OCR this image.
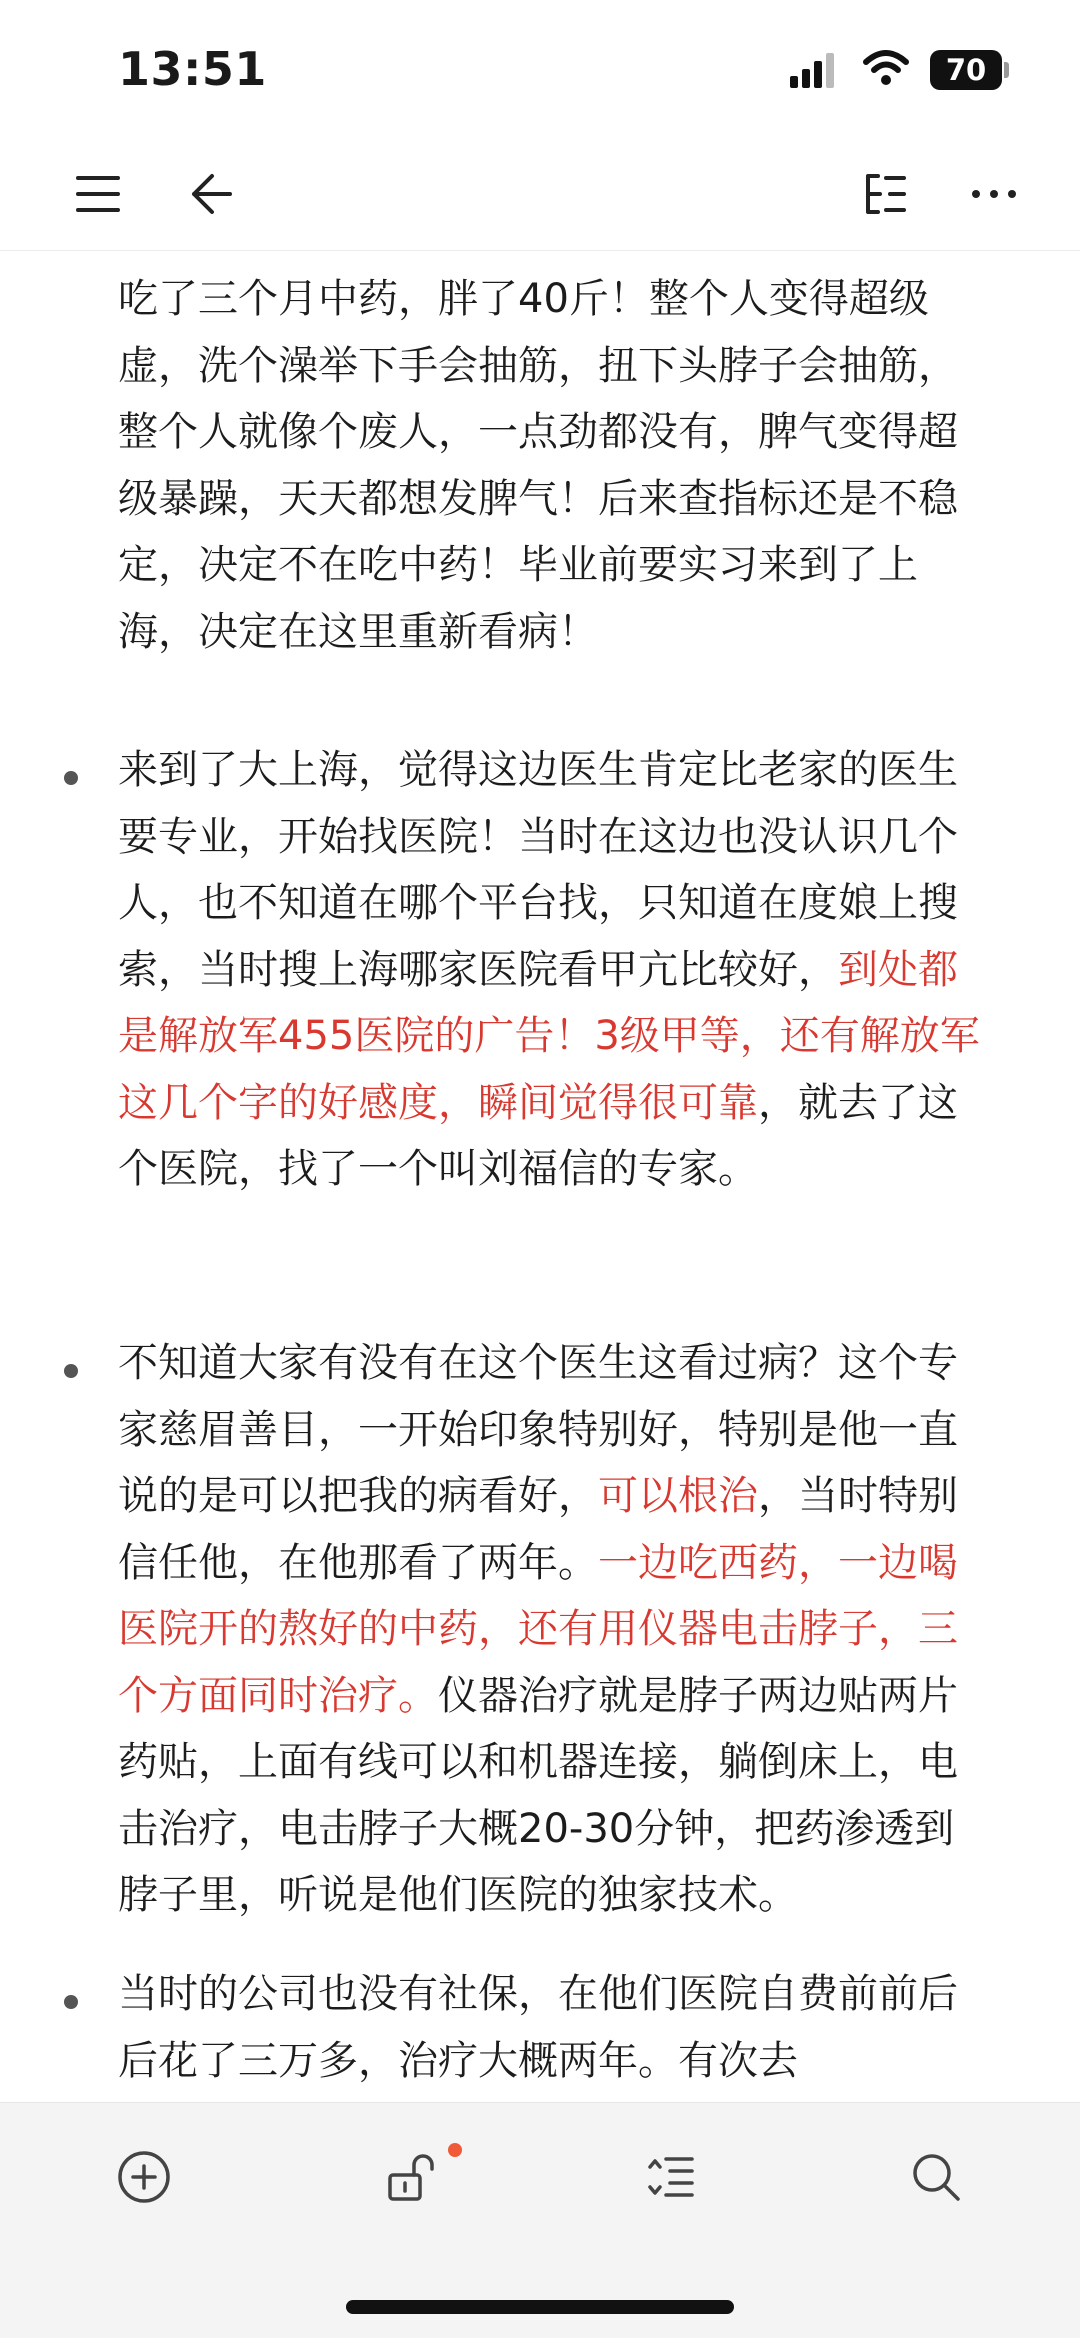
13:51	70
吃了三个月中药，胖了40斤！整个人变得超级虚，洗个澡举下手会抽筋，扭下头脖子会抽筋，整个人就像个废人，一点劲都没有，脾气变得超级暴躁，天天都想发脾气！后来查指标还是不稳定，决定不在吃中药！毕业前要实习来到了上海，决定在这里重新看病！
来到了大上海，觉得这边医生肯定比老家的医生要专业，开始找医院！当时在这边也没认识几个人，也不知道在哪个平台找，只知道在度娘上搜索，当时搜上海哪家医院看甲亢比较好，到处都是解放军455医院的广告！3级甲等，还有解放军这几个字的好感度，瞬间觉得很可靠，就去了这个医院，找了一个叫刘福信的专家。
不知道大家有没有在这个医生这看过病？这个专家慈眉善目，一开始印象特别好，特别是他一直说的是可以把我的病看好，可以根治，当时特别信任他，在他那看了两年。一边吃西药，一边喝医院开的熬好的中药，还有用仪器电击脖子，三个方面同时治疗。仪器治疗就是脖子两边贴两片药贴，上面有线可以和机器连接，躺倒床上，电击治疗，电击脖子大概20-30分钟，把药渗透到脖子里，听说是他们医院的独家技术。
当时的公司也没有社保，在他们医院自费前前后后花了三万多，治疗大概两年。有次去
